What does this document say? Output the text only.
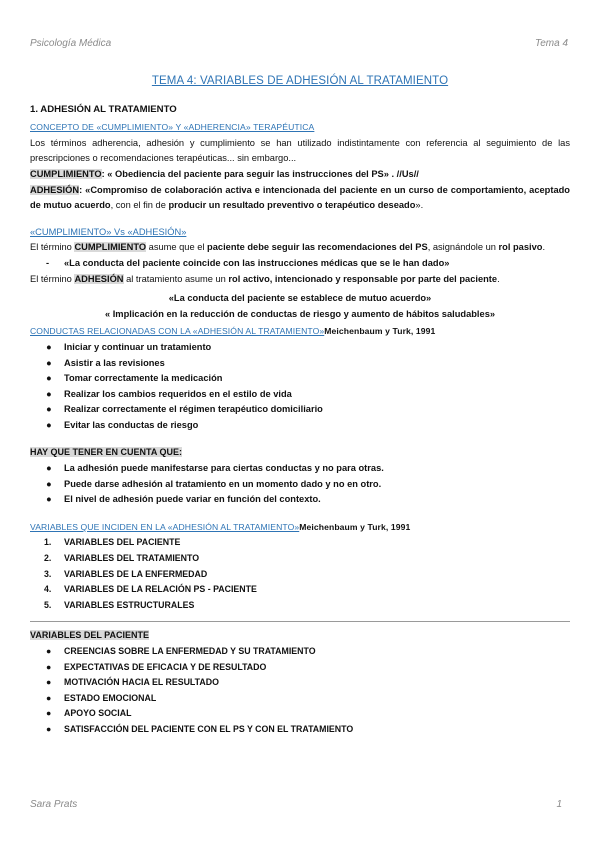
Psicología Médica	Tema 4

TEMA 4: VARIABLES DE ADHESIÓN AL TRATAMIENTO

1. ADHESIÓN AL TRATAMIENTO

CONCEPTO DE «CUMPLIMIENTO» Y «ADHERENCIA» TERAPÉUTICA

Los términos adherencia, adhesión y cumplimiento se han utilizado indistintamente con referencia al seguimiento de las prescripciones o recomendaciones terapéuticas... sin embargo...

CUMPLIMIENTO: « Obediencia del paciente para seguir las instrucciones del PS» . //Us//

ADHESIÓN: «Compromiso de colaboración activa e intencionada del paciente en un curso de comportamiento, aceptado de mutuo acuerdo, con el fin de producir un resultado preventivo o terapéutico deseado».

«CUMPLIMIENTO» Vs «ADHESIÓN»

El término CUMPLIMIENTO asume que el paciente debe seguir las recomendaciones del PS, asignándole un rol pasivo.

- «La conducta del paciente coincide con las instrucciones médicas que se le han dado»

El término ADHESIÓN al tratamiento asume un rol activo, intencionado y responsable por parte del paciente.

«La conducta del paciente se establece de mutuo acuerdo»

« Implicación en la reducción de conductas de riesgo y aumento de hábitos saludables»

CONDUCTAS RELACIONADAS CON LA «ADHESIÓN AL TRATAMIENTO»Meichenbaum y Turk, 1991

● Iniciar y continuar un tratamiento
● Asistir a las revisiones
● Tomar correctamente la medicación
● Realizar los cambios requeridos en el estilo de vida
● Realizar correctamente el régimen terapéutico domiciliario
● Evitar las conductas de riesgo

HAY QUE TENER EN CUENTA QUE:

● La adhesión puede manifestarse para ciertas conductas y no para otras.
● Puede darse adhesión al tratamiento en un momento dado y no en otro.
● El nivel de adhesión puede variar en función del contexto.

VARIABLES QUE INCIDEN EN LA «ADHESIÓN AL TRATAMIENTO»Meichenbaum y Turk, 1991

1. VARIABLES DEL PACIENTE
2. VARIABLES DEL TRATAMIENTO
3. VARIABLES DE LA ENFERMEDAD
4. VARIABLES DE LA RELACIÓN PS - PACIENTE
5. VARIABLES ESTRUCTURALES

VARIABLES DEL PACIENTE

● CREENCIAS SOBRE LA ENFERMEDAD Y SU TRATAMIENTO
● EXPECTATIVAS DE EFICACIA Y DE RESULTADO
● MOTIVACIÓN HACIA EL RESULTADO
● ESTADO EMOCIONAL
● APOYO SOCIAL
● SATISFACCIÓN DEL PACIENTE CON EL PS Y CON EL TRATAMIENTO
Sara Prats	1
